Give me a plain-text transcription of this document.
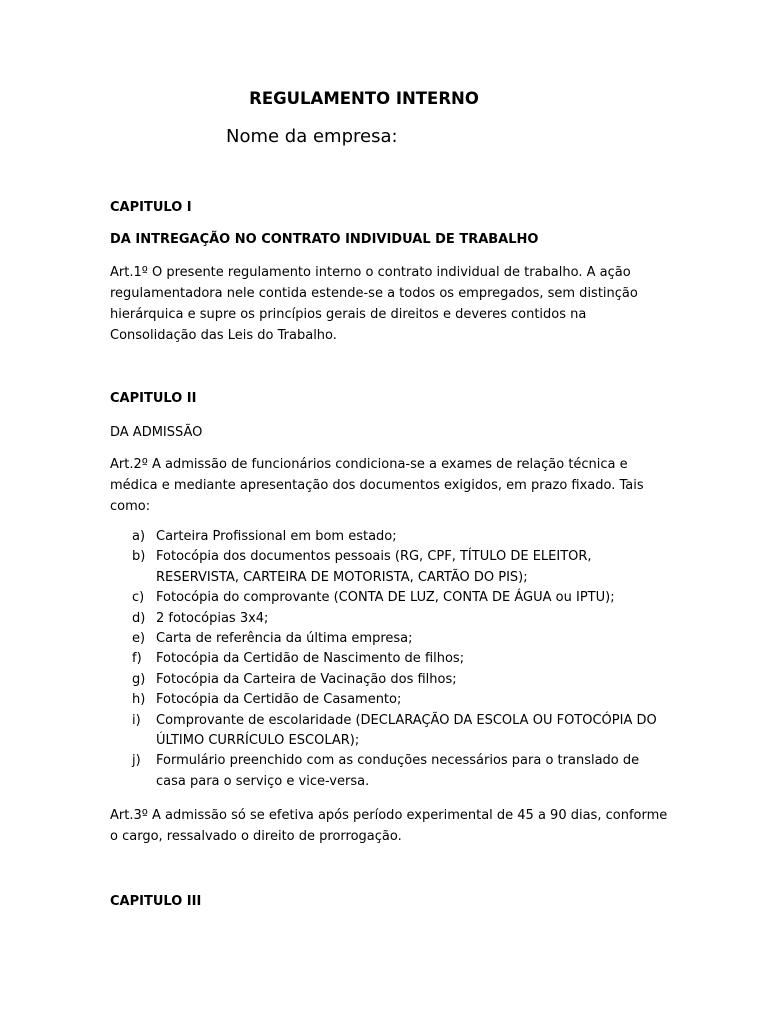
REGULAMENTO INTERNO
Nome da empresa:
CAPITULO I
DA INTREGAÇÃO NO CONTRATO INDIVIDUAL DE TRABALHO
Art.1º O presente regulamento interno o contrato individual de trabalho. A ação regulamentadora nele contida estende-se a todos os empregados, sem distinção hierárquica e supre os princípios gerais de direitos e deveres contidos na Consolidação das Leis do Trabalho.
CAPITULO II
DA ADMISSÃO
Art.2º A admissão de funcionários condiciona-se a exames de relação técnica e médica e mediante apresentação dos documentos exigidos, em prazo fixado. Tais como:
a) Carteira Profissional em bom estado;
b) Fotocópia dos documentos pessoais (RG, CPF, TÍTULO DE ELEITOR, RESERVISTA, CARTEIRA DE MOTORISTA, CARTÃO DO PIS);
c) Fotocópia do comprovante (CONTA DE LUZ, CONTA DE ÁGUA ou IPTU);
d) 2 fotocópias 3x4;
e) Carta de referência da última empresa;
f) Fotocópia da Certidão de Nascimento de filhos;
g) Fotocópia da Carteira de Vacinação dos filhos;
h) Fotocópia da Certidão de Casamento;
i) Comprovante de escolaridade (DECLARAÇÃO DA ESCOLA OU FOTOCÓPIA DO ÚLTIMO CURRÍCULO ESCOLAR);
j) Formulário preenchido com as conduções necessários para o translado de casa para o serviço e vice-versa.
Art.3º A admissão só se efetiva após período experimental de 45 a 90 dias, conforme o cargo, ressalvado o direito de prorrogação.
CAPITULO III
